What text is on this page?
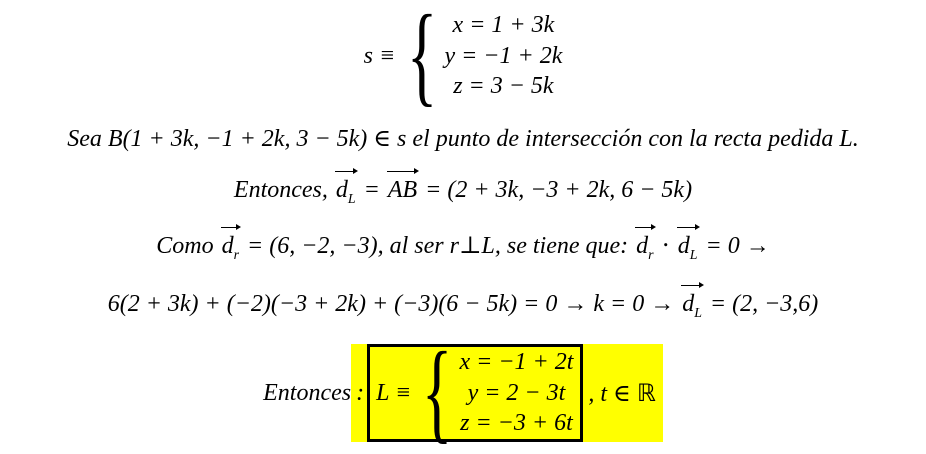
s ≡ { x = 1 + 3k
y = −1 + 2k
z = 3 − 5k
Sea B(1 + 3k, −1 + 2k, 3 − 5k) ∈ s el punto de intersección con la recta pedida L.
Entonces,
$d_L$ =
AB = (2 + 3k, −3 + 2k, 6 − 5k)
Como
$d_r = (6$, −2, −3), al ser r⊥L, se tiene que:
$d_r$ ⋅
$d_L = 0$ →
6(2 + 3k) + (−2)(−3 + 2k) + (−3)(6 − 5k) = 0 → k = 0 →
$d_L = (2$, −3,6)
Entonces : L ≡ { x = −1 + 2t
y = 2 − 3t
z = −3 + 6t
, t ∈ ℝ
